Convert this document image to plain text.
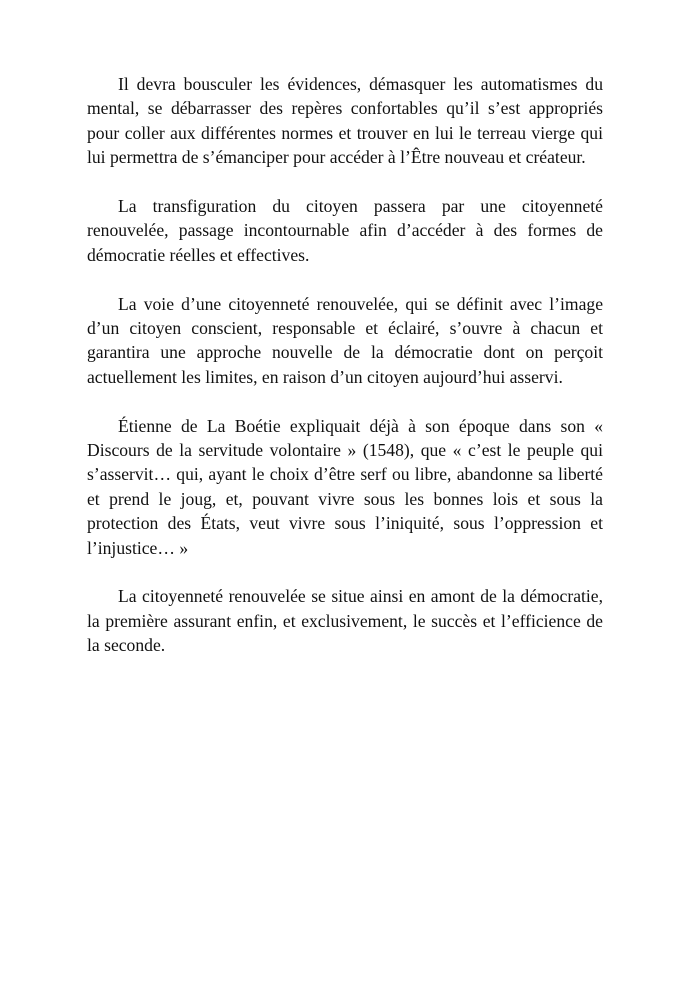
Il devra bousculer les évidences, démasquer les automatismes du mental, se débarrasser des repères confortables qu’il s’est appropriés pour coller aux différentes normes et trouver en lui le terreau vierge qui lui permettra de s’émanciper pour accéder à l’Être nouveau et créateur.

La transfiguration du citoyen passera par une citoyenneté renouvelée, passage incontournable afin d’accéder à des formes de démocratie réelles et effectives.

La voie d’une citoyenneté renouvelée, qui se définit avec l’image d’un citoyen conscient, responsable et éclairé, s’ouvre à chacun et garantira une approche nouvelle de la démocratie dont on perçoit actuellement les limites, en raison d’un citoyen aujourd’hui asservi.

Étienne de La Boétie expliquait déjà à son époque dans son « Discours de la servitude volontaire » (1548), que « c’est le peuple qui s’asservit… qui, ayant le choix d’être serf ou libre, abandonne sa liberté et prend le joug, et, pouvant vivre sous les bonnes lois et sous la protection des États, veut vivre sous l’iniquité, sous l’oppression et l’injustice… »

La citoyenneté renouvelée se situe ainsi en amont de la démocratie, la première assurant enfin, et exclusivement, le succès et l’efficience de la seconde.
